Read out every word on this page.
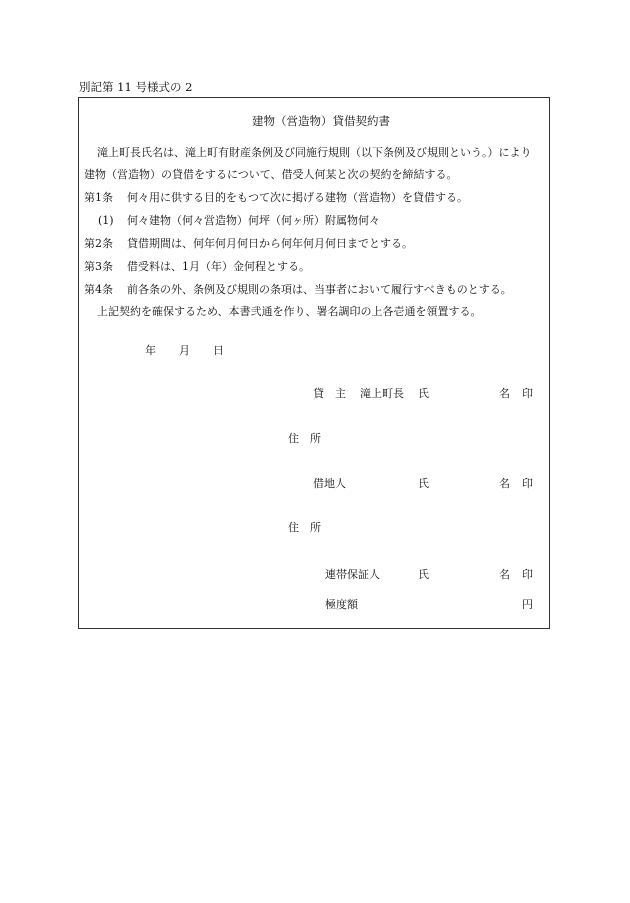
別記第 11 号様式の 2
建物（営造物）貸借契約書
滝上町長氏名は、滝上町有財産条例及び同施行規則（以下条例及び規則という。）により
建物（営造物）の貸借をするについて、借受人何某と次の契約を締結する。
第1条 何々用に供する目的をもつて次に掲げる建物（営造物）を貸借する。
(1) 何々建物（何々営造物）何坪（何ヶ所）附属物何々
第2条 貸借期間は、何年何月何日から何年何月何日までとする。
第3条 借受料は、1月（年）金何程とする。
第4条 前各条の外、条例及び規則の条項は、当事者において履行すべきものとする。
上記契約を確保するため、本書弐通を作り、署名調印の上各壱通を領置する。
年 月 日
貸　主 滝上町長 氏	名 印
住　所
借地人	氏	名 印
住　所
連帯保証人	氏	名 印
極度額	円
